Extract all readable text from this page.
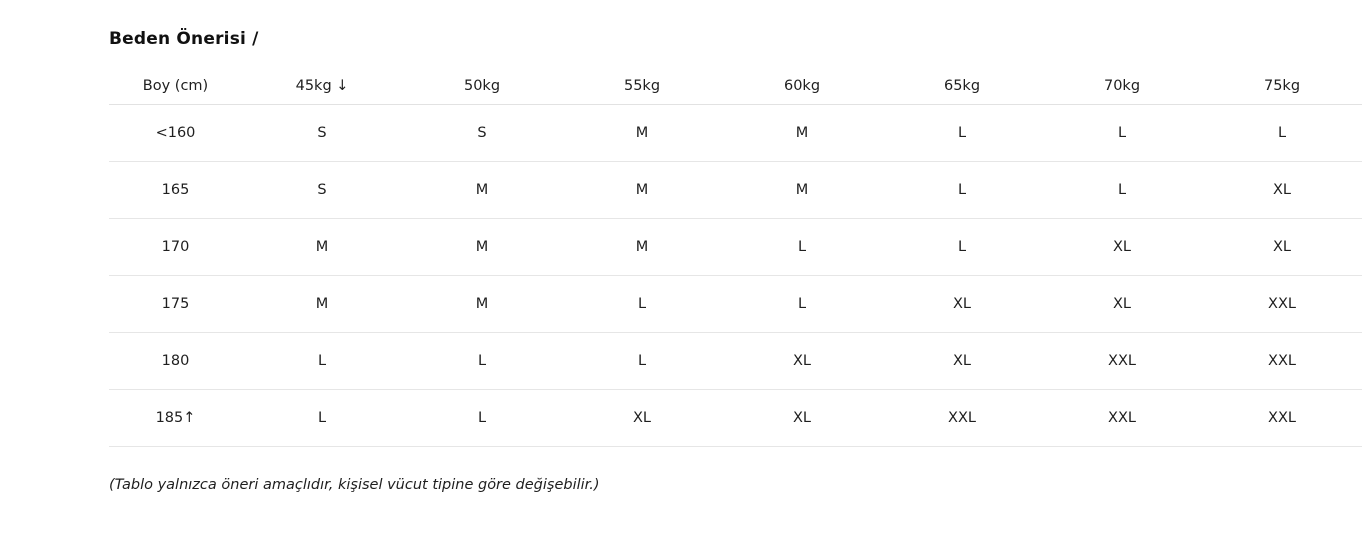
Beden Önerisi /
Boy (cm)	45kg ↓	50kg	55kg	60kg	65kg	70kg	75kg
<160	S	S	M	M	L	L	L
165	S	M	M	M	L	L	XL
170	M	M	M	L	L	XL	XL
175	M	M	L	L	XL	XL	XXL
180	L	L	L	XL	XL	XXL	XXL
185↑	L	L	XL	XL	XXL	XXL	XXL
(Tablo yalnızca öneri amaçlıdır, kişisel vücut tipine göre değişebilir.)
